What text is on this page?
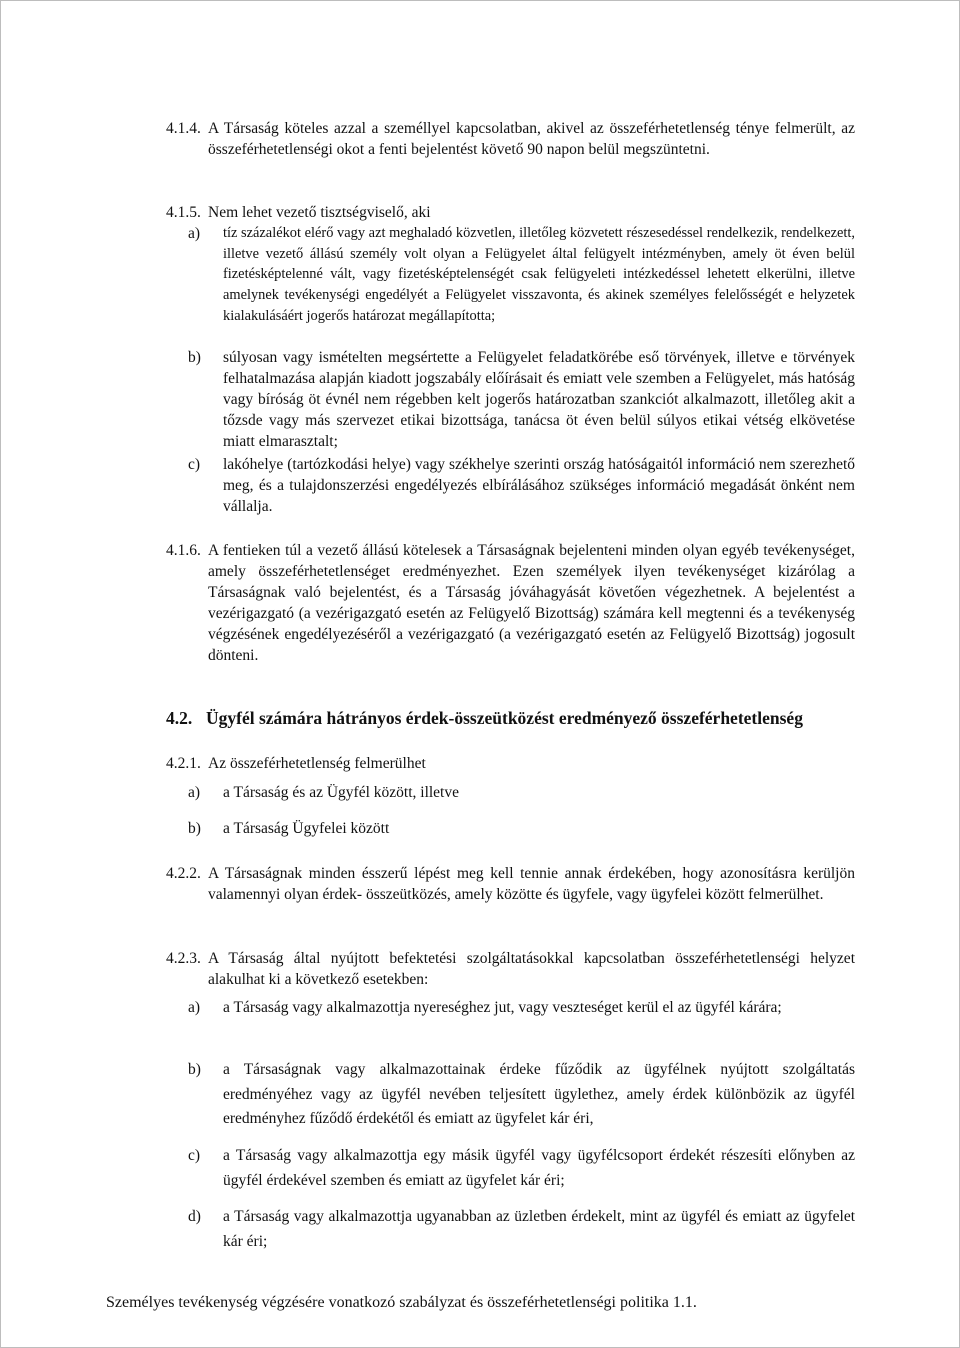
4.1.4. A Társaság köteles azzal a személlyel kapcsolatban, akivel az összeférhetetlenség ténye felmerült, az összeférhetetlenségi okot a fenti bejelentést követő 90 napon belül megszüntetni.
4.1.5. Nem lehet vezető tisztségviselő, aki
a) tíz százalékot elérő vagy azt meghaladó közvetlen, illetőleg közvetett részesedéssel rendelkezik, rendelkezett, illetve vezető állású személy volt olyan a Felügyelet által felügyelt intézményben, amely öt éven belül fizetésképtelenné vált, vagy fizetésképtelenségét csak felügyeleti intézkedéssel lehetett elkerülni, illetve amelynek tevékenységi engedélyét a Felügyelet visszavonta, és akinek személyes felelősségét e helyzetek kialakulásáért jogerős határozat megállapította;
b) súlyosan vagy ismételten megsértette a Felügyelet feladatkörébe eső törvények, illetve e törvények felhatalmazása alapján kiadott jogszabály előírásait és emiatt vele szemben a Felügyelet, más hatóság vagy bíróság öt évnél nem régebben kelt jogerős határozatban szankciót alkalmazott, illetőleg akit a tőzsde vagy más szervezet etikai bizottsága, tanácsa öt éven belül súlyos etikai vétség elkövetése miatt elmarasztalt;
c) lakóhelye (tartózkodási helye) vagy székhelye szerinti ország hatóságaitól információ nem szerezhető meg, és a tulajdonszerzési engedélyezés elbírálásához szükséges információ megadását önként nem vállalja.
4.1.6. A fentieken túl a vezető állású kötelesek a Társaságnak bejelenteni minden olyan egyéb tevékenységet, amely összeférhetetlenséget eredményezhet. Ezen személyek ilyen tevékenységet kizárólag a Társaságnak való bejelentést, és a Társaság jóváhagyását követően végezhetnek. A bejelentést a vezérigazgató (a vezérigazgató esetén az Felügyelő Bizottság) számára kell megtenni és a tevékenység végzésének engedélyezéséről a vezérigazgató (a vezérigazgató esetén az Felügyelő Bizottság) jogosult dönteni.
4.2. Ügyfél számára hátrányos érdek-összeütközést eredményező összeférhetetlenség
4.2.1. Az összeférhetetlenség felmerülhet
a) a Társaság és az Ügyfél között, illetve
b) a Társaság Ügyfelei között
4.2.2. A Társaságnak minden ésszerű lépést meg kell tennie annak érdekében, hogy azonosításra kerüljön valamennyi olyan érdek- összeütközés, amely közötte és ügyfele, vagy ügyfelei között felmerülhet.
4.2.3. A Társaság által nyújtott befektetési szolgáltatásokkal kapcsolatban összeférhetetlenségi helyzet alakulhat ki a következő esetekben:
a) a Társaság vagy alkalmazottja nyereséghez jut, vagy veszteséget kerül el az ügyfél kárára;
b) a Társaságnak vagy alkalmazottainak érdeke fűződik az ügyfélnek nyújtott szolgáltatás eredményéhez vagy az ügyfél nevében teljesített ügylethez, amely érdek különbözik az ügyfél eredményhez fűződő érdekétől és emiatt az ügyfelet kár éri,
c) a Társaság vagy alkalmazottja egy másik ügyfél vagy ügyfélcsoport érdekét részesíti előnyben az ügyfél érdekével szemben és emiatt az ügyfelet kár éri;
d) a Társaság vagy alkalmazottja ugyanabban az üzletben érdekelt, mint az ügyfél és emiatt az ügyfelet kár éri;
Személyes tevékenység végzésére vonatkozó szabályzat és összeférhetetlenségi politika 1.1.
